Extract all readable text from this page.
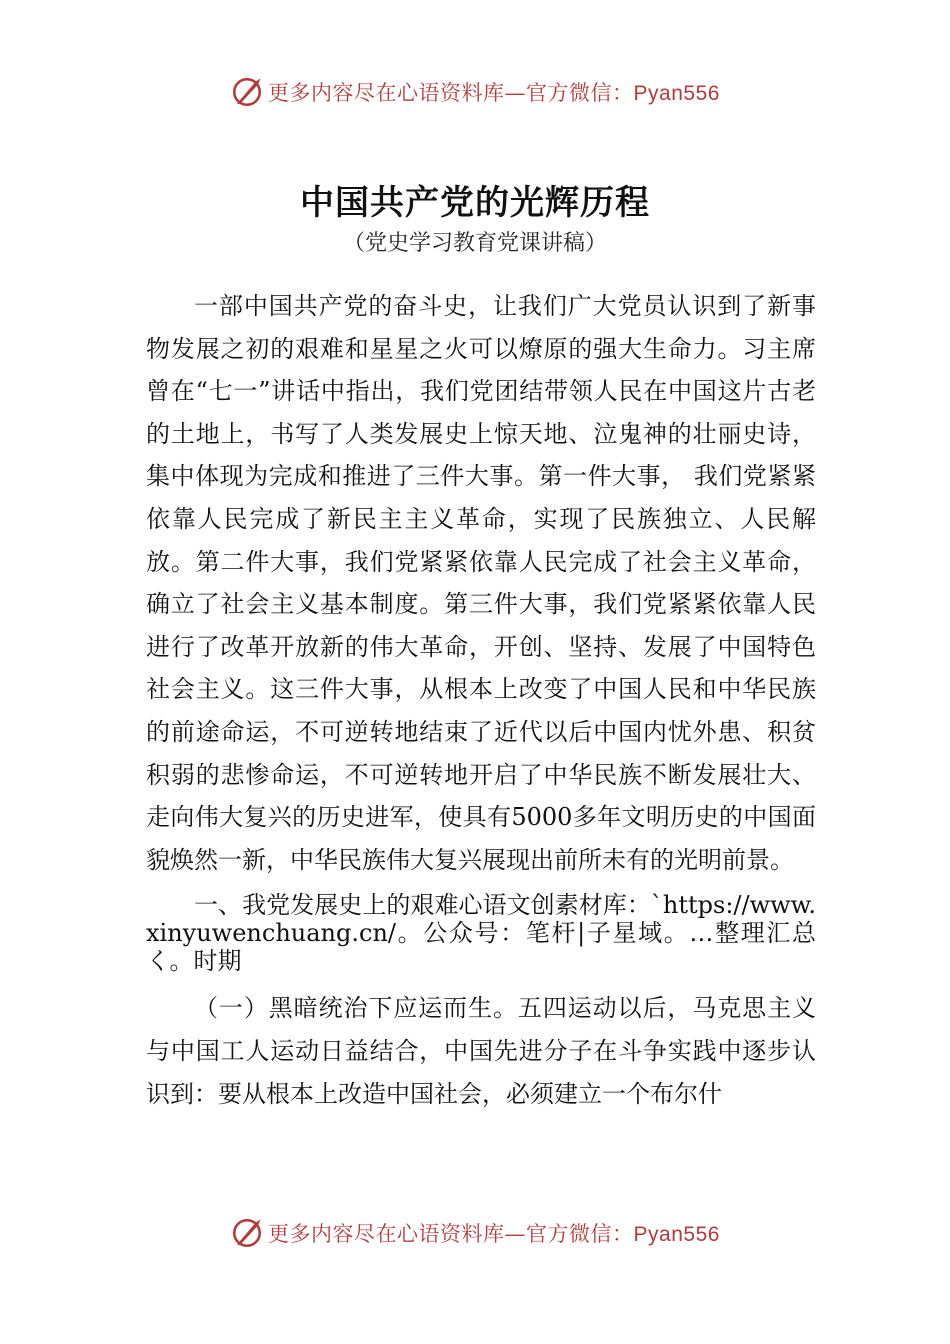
更多内容尽在心语资料库—官方微信：Pyan556
中国共产党的光辉历程
（党史学习教育党课讲稿）

一部中国共产党的奋斗史，让我们广大党员认识到了新事物发展之初的艰难和星星之火可以燎原的强大生命力。习主席曾在“七一”讲话中指出，我们党团结带领人民在中国这片古老的土地上，书写了人类发展史上惊天地、泣鬼神的壮丽史诗，集中体现为完成和推进了三件大事。第一件大事， 我们党紧紧依靠人民完成了新民主主义革命，实现了民族独立、人民解放。第二件大事，我们党紧紧依靠人民完成了社会主义革命，确立了社会主义基本制度。第三件大事，我们党紧紧依靠人民进行了改革开放新的伟大革命，开创、坚持、发展了中国特色社会主义。这三件大事，从根本上改变了中国人民和中华民族的前途命运，不可逆转地结束了近代以后中国内忧外患、积贫积弱的悲惨命运，不可逆转地开启了中华民族不断发展壮大、走向伟大复兴的历史进军，使具有5000多年文明历史的中国面貌焕然一新，中华民族伟大复兴展现出前所未有的光明前景。

一、我党发展史上的艰难心语文创素材库：`https://www.xinyuwenchuang.cn/。公众号：笔杆|子星域。…整理汇总く。时期

（一）黑暗统治下应运而生。五四运动以后，马克思主义与中国工人运动日益结合，中国先进分子在斗争实践中逐步认识到：要从根本上改造中国社会，必须建立一个布尔什

更多内容尽在心语资料库—官方微信：Pyan556
